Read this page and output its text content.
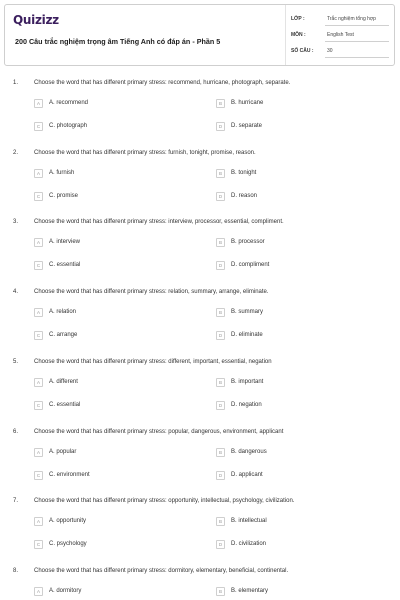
Quizizz
200 Câu trắc nghiệm trọng âm Tiếng Anh có đáp án - Phần 5
LỚP :	Trắc nghiệm tổng hợp
MÔN :	English Test
SỐ CÂU :	30
1.	Choose the word that has different primary stress: recommend, hurricane, photograph, separate.
A	A. recommend	B	B. hurricane
C	C. photograph	D	D. separate
2.	Choose the word that has different primary stress: furnish, tonight, promise, reason.
A	A. furnish	B	B. tonight
C	C. promise	D	D. reason
3.	Choose the word that has different primary stress: interview, processor, essential, compliment.
A	A. interview	B	B. processor
C	C. essential	D	D. compliment
4.	Choose the word that has different primary stress: relation, summary, arrange, eliminate.
A	A. relation	B	B. summary
C	C. arrange	D	D. eliminate
5.	Choose the word that has different primary stress: different, important, essential, negation
A	A. different	B	B. important
C	C. essential	D	D. negation
6.	Choose the word that has different primary stress: popular, dangerous, environment, applicant
A	A. popular	B	B. dangerous
C	C. environment	D	D. applicant
7.	Choose the word that has different primary stress: opportunity, intellectual, psychology, civilization.
A	A. opportunity	B	B. intellectual
C	C. psychology	D	D. civilization
8.	Choose the word that has different primary stress: dormitory, elementary, beneficial, continental.
A	A. dormitory	B	B. elementary
